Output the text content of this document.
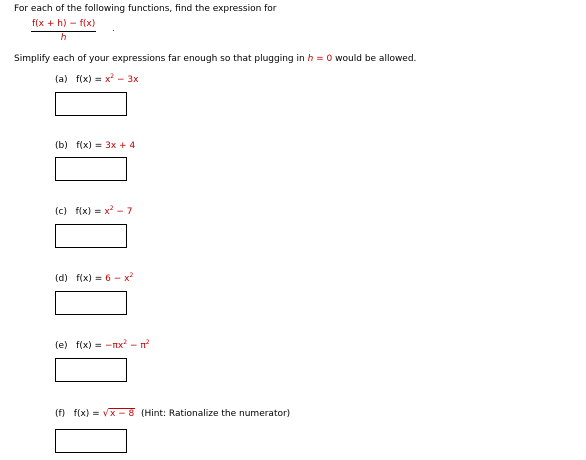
For each of the following functions, find the expression for
$\frac{f(x + h) - f(x)}{h}$ .
Simplify each of your expressions far enough so that plugging in h = 0 would be allowed.
(a) $f(x) = x^2 - 3x$
(b) f(x) = 3x + 4
(c) $f(x) = x^2 - 7$
(d) $f(x) = 6 - x^2$
(e) $f(x) = -\pi x^2 - \pi^2$
(f) f(x) = √x − 8 (Hint: Rationalize the numerator)
